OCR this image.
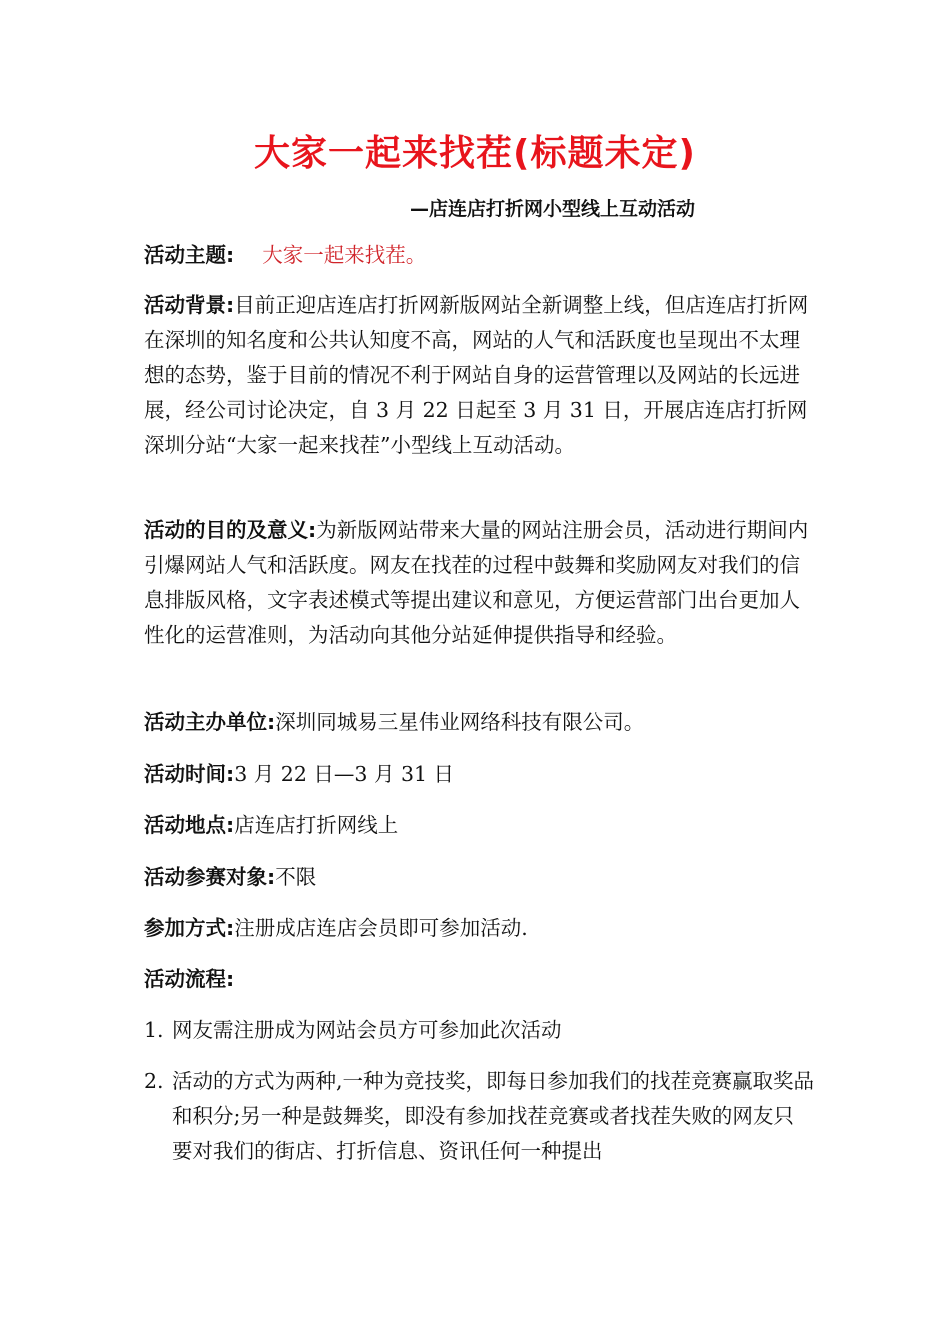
大家一起来找茬(标题未定)
—店连店打折网小型线上互动活动
活动主题: 大家一起来找茬。
活动背景:目前正迎店连店打折网新版网站全新调整上线，但店连店打折网在深圳的知名度和公共认知度不高，网站的人气和活跃度也呈现出不太理想的态势，鉴于目前的情况不利于网站自身的运营管理以及网站的长远进展，经公司讨论决定，自 3 月 22 日起至 3 月 31 日，开展店连店打折网深圳分站“大家一起来找茬”小型线上互动活动。
活动的目的及意义:为新版网站带来大量的网站注册会员，活动进行期间内引爆网站人气和活跃度。网友在找茬的过程中鼓舞和奖励网友对我们的信息排版风格，文字表述模式等提出建议和意见，方便运营部门出台更加人性化的运营准则，为活动向其他分站延伸提供指导和经验。
活动主办单位:深圳同城易三星伟业网络科技有限公司。
活动时间:3 月 22 日—3 月 31 日
活动地点:店连店打折网线上
活动参赛对象:不限
参加方式:注册成店连店会员即可参加活动.
活动流程:
1. 网友需注册成为网站会员方可参加此次活动
2. 活动的方式为两种,一种为竞技奖，即每日参加我们的找茬竞赛赢取奖品和积分;另一种是鼓舞奖，即没有参加找茬竞赛或者找茬失败的网友只要对我们的街店、打折信息、资讯任何一种提出
